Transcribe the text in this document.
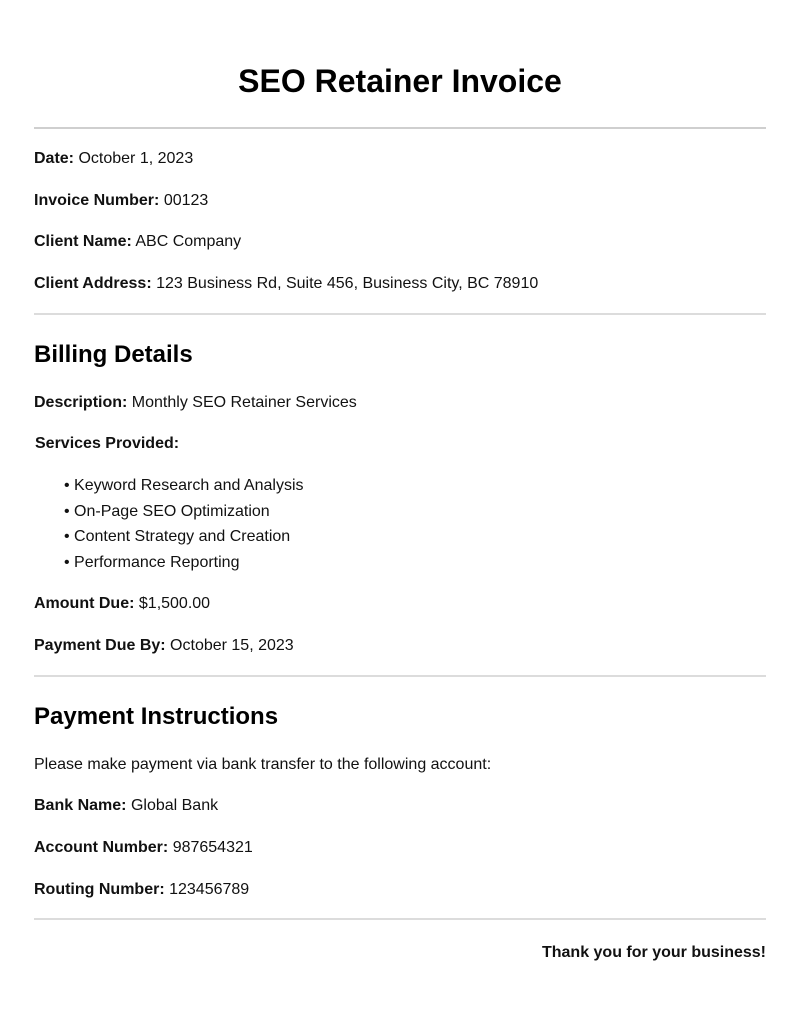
SEO Retainer Invoice
Date: October 1, 2023
Invoice Number: 00123
Client Name: ABC Company
Client Address: 123 Business Rd, Suite 456, Business City, BC 78910
Billing Details
Description: Monthly SEO Retainer Services
Services Provided:
• Keyword Research and Analysis
• On-Page SEO Optimization
• Content Strategy and Creation
• Performance Reporting
Amount Due: $1,500.00
Payment Due By: October 15, 2023
Payment Instructions
Please make payment via bank transfer to the following account:
Bank Name: Global Bank
Account Number: 987654321
Routing Number: 123456789
Thank you for your business!
